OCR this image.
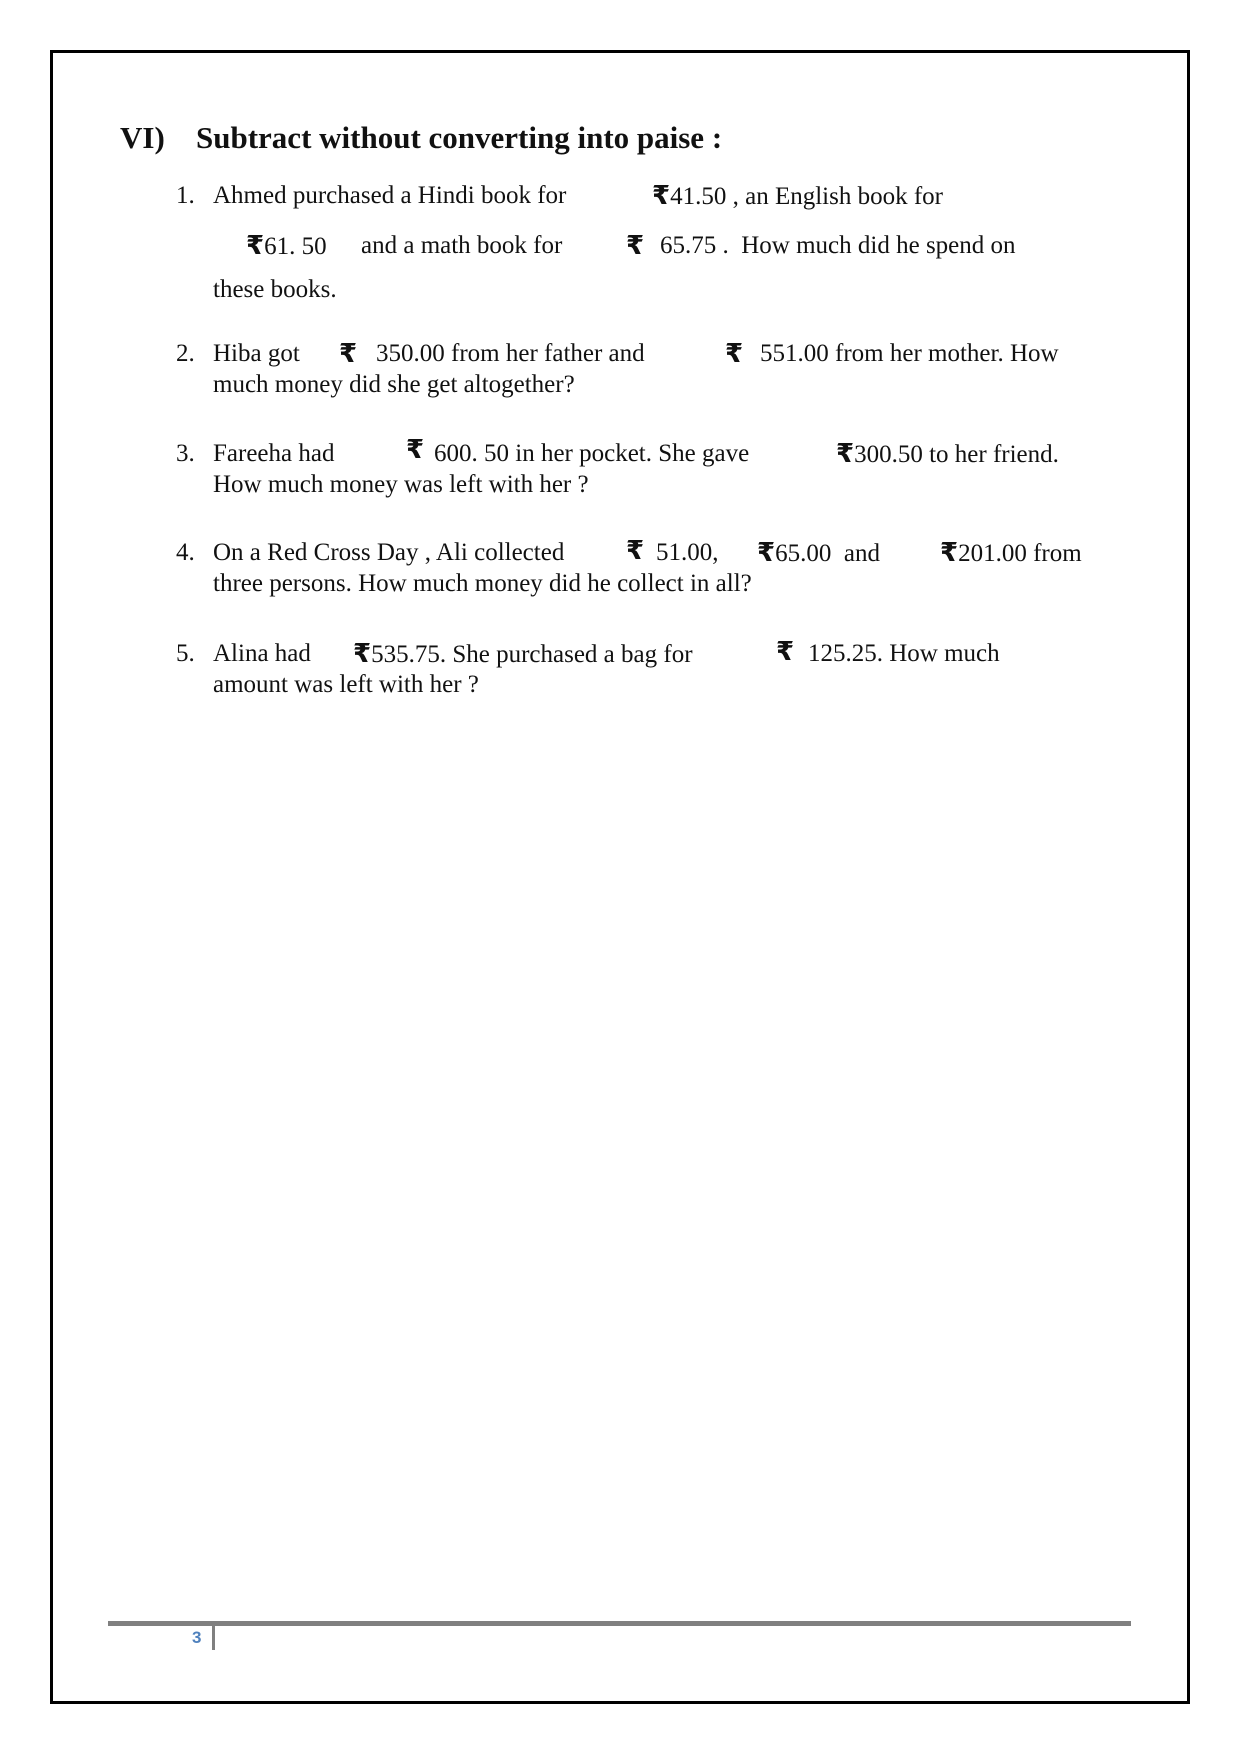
VI) Subtract without converting into paise :
1. Ahmed purchased a Hindi book for	₹41.50 , an English book for
₹61. 50 and a math book for ₹ 65.75 .  How much did he spend on
these books.
2. Hiba got ₹ 350.00 from her father and	₹ 551.00 from her mother. How
much money did she get altogether?
3. Fareeha had	₹ 600. 50 in her pocket. She gave	₹300.50 to her friend.
How much money was left with her ?
4. On a Red Cross Day , Ali collected ₹ 51.00, ₹65.00  and ₹201.00 from
three persons. How much money did he collect in all?
5. Alina had ₹535.75. She purchased a bag for	₹ 125.25. How much
amount was left with her ?
3
